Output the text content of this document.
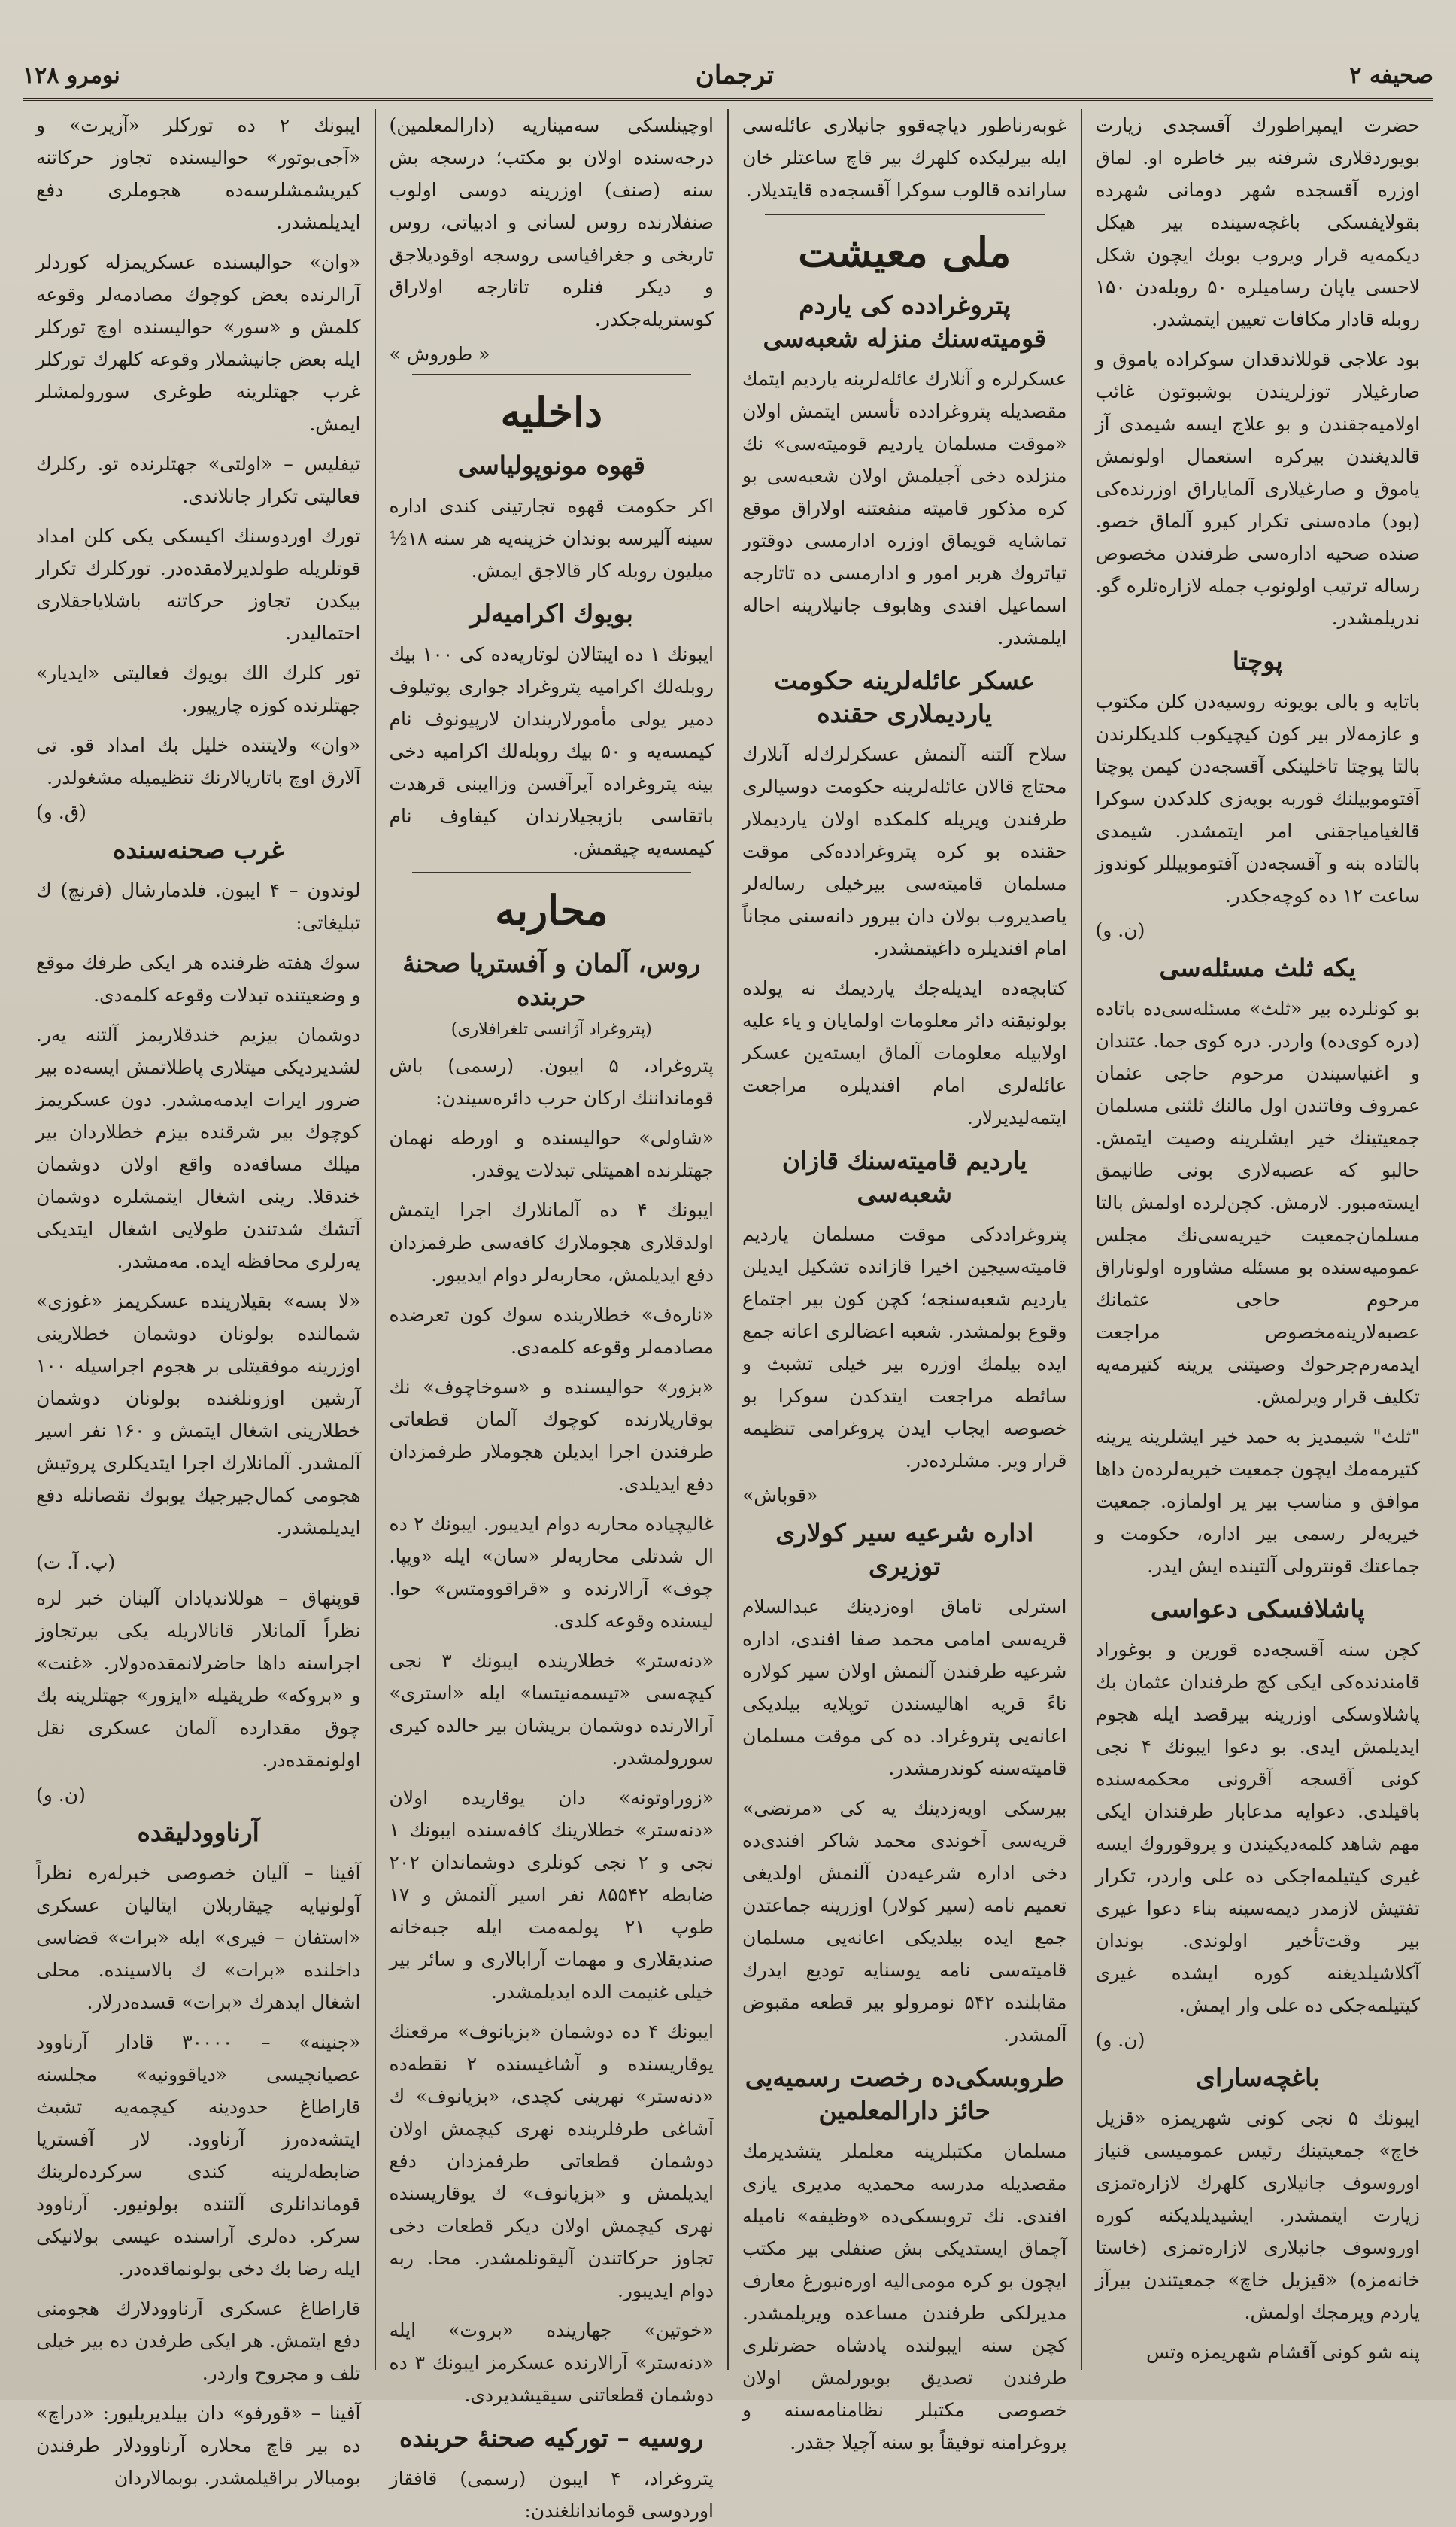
صحیفه ۲
ترجمان
نومرو ۱۲۸

حضرت ایمپراطورك آقسجدی زیارت بویوردقلاری شرفنه بیر خاطره او. لماق اوزره آقسجده شهر دومانی شهرده بقولایفسكی باغچه‌سینده بیر هیكل دیكمه‌یه قرار ویروب بوبك ایچون شكل لاحسی یاپان رسامیلره ۵۰ روبله‌دن ۱۵۰ روبله قادار مكافات تعیین ایتمشدر.

بود علاجی قوللاندقدان سوكراده یاموق و صارغیلار توزلریندن بوشبوتون غائب اولامیه‌جقندن و بو علاج ایسه شیمدی آز قالدیغندن بیركره استعمال اولونمش یاموق و صارغیلاری آلمایاراق اوزرنده‌كی (بود) ماده‌سنی تكرار كیرو آلماق خصو. صنده صحیه اداره‌سی طرفندن مخصوص رساله ترتیب اولونوب جمله لازاره‌تلره گو. ندریلمشدر.

پوچتا

باتایه و بالی بویونه روسیه‌دن كلن مكتوب و عازمه‌لار بیر كون كیچیكوب كلدیكلرندن بالتا پوچتا تاخلینكی آقسجه‌دن كیمن پوچتا آفتوموبیلنك قوربه بویه‌زی كلدكدن سوكرا قالغیامیاجقنی امر ایتمشدر. شیمدی بالتاده بنه و آقسجه‌دن آفتوموبیللر كوندوز ساعت ۱۲ ده كوچه‌جكدر.

(ن. و)

یكه ثلث مسئله‌سی

بو كونلرده بیر «ثلث» مسئله‌سی‌ده باتاده (دره كوی‌ده) واردر. دره كوی جما. عتندان و اغنیاسیندن مرحوم حاجی عثمان عمروف وفاتندن اول مالنك ثلثنی مسلمان جمعیتینك خیر ایشلرینه وصیت ایتمش. حالبو كه عصبه‌لاری بونی طانیمق ایسته‌مبور. لارمش. كچن‌لرده اولمش بالتا مسلمان‌جمعیت خیریه‌سی‌نك مجلس عمومیه‌سنده بو مسئله مشاوره اولوناراق مرحوم حاجی عثمانك عصبه‌لارینه‌مخصوص مراجعت ایدمه‌رم‌جرحوك وصیتنی یرینه كتیرمه‌یه تكلیف قرار ویرلمش.

"ثلث" شیمدیز به حمد خیر ایشلرینه یرینه كتیرمه‌مك ایچون جمعیت خیریه‌لرده‌ن داها موافق و مناسب بیر یر اولمازه. جمعیت خیریه‌لر رسمی بیر اداره، حكومت و جماعتك قونترولی آلتینده ایش ایدر.

پاشلافسكی دعواسی

كچن سنه آقسجه‌ده قورین و بوغوراد قامندنده‌كی ایكی كچ طرفندان عثمان بك پاشلاوسكی اوزرینه بیر‌قصد ایله هجوم ایدیلمش ایدی. بو دعوا ایبونك ۴ نجی كونی آقسجه آقرونی محكمه‌سنده باقیلدی. دعوایه مدعا‌بار طرفندان ایكی مهم شاهد كلمه‌دیكیندن و پروقوروك ایسه غیری كیتیلمه‌اجكی ده علی واردر، تكرار تفتیش لازمدر دیمه‌سینه بنا‌ء دعوا غیری بیر وقت‌تأخیر اولوندی. بوندان آكلاشیلدیغنه كوره ایشده غیری كیتیلمه‌جكی ده علی وار ایمش.

(ن. و)

باغچه‌سارای

ایبونك ۵ نجی كونی شهریمزه «قزیل خاچ» جمعیتینك رئیس عمومیسی قنیاز اوروسوف جانیلاری كلهرك لازاره‌تمزی زیارت ایتمشدر. ایشیدیلدیكنه كوره اوروسوف جانیلاری لازاره‌تمزی (خاستا خانه‌مزه) «قیزیل خاچ» جمعیتندن بیرآز یاردم ویرمجك اولمش.

پنه شو كونی آقشام شهریمزه وتس

غوبه‌رناطور دیاچه‌قوو جانیلاری عائله‌سی ایله بیرلیكده كلهرك بیر قاچ ساعتلر خان سارانده قالوب سوكرا آقسجه‌ده قایتدیلار.

ملی معیشت
پتروغرادده كی یاردم قومیته‌سنك منزله شعبه‌سی

عسكرلره و آنلارك عائله‌لرینه یاردیم ایتمك مقصدیله پتروغرادده تأسس ایتمش اولان «موقت مسلمان یاردیم قومیته‌سی» نك منزلده دخی آجیلمش اولان شعبه‌سی‌ بو كره مذكور قامیته منفعتنه اولاراق موقع تماشایه قویماق اوزره ادارمسی دوقتور تیاتروك هربر امور و ادارمسی ده تاتارجه اسماعیل افندی وهابوف جانیلارینه احاله ایلمشدر.

عسكر عائله‌لرینه حكومت یاردیملاری حقنده

سلاح آلتنه آلنمش عسكرلرك‌له آنلارك محتاج قالان عائله‌لرینه حكومت دوسیالری طرفندن ویریله كلمكده اولان یاردیملار حقنده بو كره پتروغرادده‌كی موقت مسلمان قامیته‌سی بیر‌خیلی رساله‌لر یاصدیروب بولان دان بیرور دانه‌سنی مجاناً امام افندیلره داغیتمشدر.

كتابچه‌ده ایدیله‌جك یاردیمك نه یولده بولونیقنه دائر معلومات اولمایان و یا‌ء علیه اولابیله معلومات آلماق ایسته‌ین عسكر عائله‌لری امام افندیلره مراجعت ایتمه‌لیدیرلار.

یاردیم قامیته‌سنك قازان شعبه‌سی

پتروغراددكی موقت مسلمان یاردیم قامیته‌سیجین اخیرا قازانده تشكیل ایدیلن یاردیم شعبه‌سنجه؛ كچن كون بیر اجتماع وقوع بولمشدر. شعبه اعضالری اعانه جمع ایده بیلمك اوزره بیر خیلی تشبث و سائطه مراجعت ایتدكدن سوكرا بو خصوصه ایجاب ایدن پروغرامی تنظیمه قرار ویر. مشلرده‌در.

«قوباش»

اداره شرعیه سیر كولاری توزیری

استرلی تاماق اوه‌زدینك عبدالسلام قریه‌سی امامی محمد صفا افندی، اداره شرعیه طرفندن آلنمش اولان سیر كولاره ناءً قریه اهالیسندن توپلایه بیلدیكی اعانه‌یی پتروغراد. ده كی موقت مسلمان قامیته‌سنه كوندرمشدر.

بیرسكی اویه‌زدینك یه‌ كی «مرتضی» قریه‌سی آخوندی محمد شاكر افندی‌ده دخی اداره شرعیه‌دن آلنمش اولدیغی تعمیم نامه (سیر كولار) اوزرینه جماعتدن جمع ایده بیلدیكی اعانه‌یی مسلمان قامیته‌سی نامه یوسنایه تودیع ایدرك مقابلنده ۵۴۲ نومرولو بیر قطعه مقبوض آلمشدر.

طروبسكی‌ده رخصت رسمیه‌یی حائز دارالمعلمین

مسلمان مكتبلرینه معلملر یتشدیرمك مقصدیله مدرسه محمدیه مدیری یازی افندی. نك تروبسكی‌ده «وظیفه» نامیله آچماق ایستدیكی بش صنفلی بیر مكتب ایچون بو كره مومی‌الیه اوره‌نبورغ معارف مدیرلكی طرفندن مساعده ویریلمشدر. كچن سنه ایبولنده پادشاه حضرتلری طرفندن تصدیق بویورلمش اولان خصوصی مكتبلر نظامنامه‌سنه و پروغرامنه توفیقاً بو سنه آچیلا جقدر.

اوچینلسكی سه‌میناریه (دارالمعلمین) درجه‌سنده اولان بو مكتب؛ درسجه بش سنه (صنف) اوزرینه دوسی اولوب صنفلارنده روس لسانی و ادبیاتی، روس تاریخی و جغرافیاسی روسجه اوقودیلاجق و دیكر فنلره تاتارجه اولاراق كوستریله‌جكدر.

« طوروش »

داخلیه
قهوه مونوپولیاسی

اكر حكومت قهوه تجارتینی كندی اداره سینه آلیرسه بوندان خزینه‌یه هر سنه ۱۸½ میلیون روبله كار قالاجق ایمش.

بویوك اكرامیه‌لر

ایبونك ۱ ده ایبتالان لوتاریه‌ده كی ۱۰۰ بیك روبله‌لك اكرامیه پتروغراد جواری پوتیلوف دمیر یولی مأمورلاریندان لارپیونوف نام كیمسه‌یه و ۵۰ بیك روبله‌لك اكرامیه دخی بینه پتروغراده آیرآفسن وزاایبنی قرهدت باتقاسی بازیجیلارندان كیفاوف نام كیمسه‌یه چیقمش.

محاربه
روس، آلمان و آفستریا صحنۀ حربنده
(پتروغراد آژانسی تلغرافلاری)

پتروغراد، ۵ ایبون. (رسمی) باش قومانداننك اركان حرب دائره‌سیندن:

«شاولی» حوالیسنده و اورطه نهمان جهتلرنده اهمیتلی تبدلات یوقدر.

ایبونك ۴ ده آلمانلارك اجرا ایتمش اولدقلاری هجوملارك كافه‌سی طرفمزدان دفع ایدیلمش، محاربه‌لر دوام ایدیبور.

«ناره‌ف» خطلارینده سوك كون تعرضده مصادمه‌لر وقوعه كلمه‌دی.

«بزور» حوالیسنده و «سوخاچوف» نك بوقاریلارنده كوچوك آلمان قطعاتی طرفندن اجرا ایدیلن هجوملار طرفمزدان دفع ایدیلدی.

غالیچیاده محاربه دوام ایدیبور. ایبونك ۲ ده ال شدتلی محاربه‌لر «سان» ایله «ویپا. چوف» آرالارنده و «قراقوومتس» حوا. لیسنده وقوعه كلدی.

«دنه‌ستر» خطلارینده ایبونك ۳ نجی كیچه‌سی «تیسمه‌نیتسا» ایله «استری» آرالارنده دوشمان بریشان بیر حالده كیری سورولمشدر.

«زورا‌وتونه» دان یوقاریده اولان «دنه‌ستر» خطلارینك كافه‌سنده ایبونك ۱ نجی و ۲ نجی كونلری دوشماندان ۲۰۲ ضابطه ۸۵۵۴۲ نفر اسیر آلنمش و ۱۷ طوپ ۲۱ پولمه‌مت ایله جبه‌خانه صندیقلاری و مهمات آرابالاری و سائر بیر خیلی غنیمت الده ایدیلمشدر.

ایبونك ۴ ده دوشمان «بزیانوف» مرقعنك یوقاریسنده و آشاغیسنده ۲ نقطه‌ده «دنه‌ستر» نهرینی كچدی، «بزیانوف» ك آشاغی طرفلرینده نهری كیچمش اولان دوشمان قطعاتی طرفمزدان دفع ایدیلمش و «بزیانوف» ك یوقاریسنده نهری كیچمش اولان دیكر قطعات دخی تجاوز حركاتندن آلیقونلمشدر. محا. ربه دوام ایدیبور.

«خوتین» جهارینده «بروت» ایله «دنه‌ستر» آرالارنده عسكرمز ایبونك ۳ ده دوشمان قطعاتنی سیقیشدیردی.

روسیه – توركیه صحنۀ حربنده

پتروغراد، ۴ ایبون (رسمی) قافقاز اوردوسی قوماندانلغندن:

ایبونك ۲ ده توركلر «آزیرت» و «آجی‌بوتور» حوالیسنده تجاوز حركاتنه كیریشمشلرسه‌ده هجوملری دفع ایدیلمشدر.

«وان» حوالیسنده عسكریمزله كوردلر آرالرنده بعض كوچوك مصادمه‌لر وقوعه كلمش و «سور» حوالیسنده اوچ توركلر ایله بعض جانیشملار وقوعه كلهرك توركلر غرب جهتلرینه طوغری سورولمشلر ایمش.

تیفلیس – «اولتی» جهتلرنده تو. ركلرك فعالیتی تكرار جانلاندی.

تورك اوردوسنك اكیسكی یكی كلن امداد قوتلریله طولدیرلامقده‌در. توركلرك تكرار بیكدن تجاوز حركاتنه باشلایاجقلاری احتمالیدر.

تور كلرك الك بویوك فعالیتی «ایدیار» جهتلرنده كوزه چارپیور.

«وان» ولایتنده خلیل بك امداد قو. تی آلارق اوچ باتاریا‌لارنك تنظیمیله مشغولدر.

(ق. و)

غرب صحنه‌سنده

لوندون – ۴ ایبون. فلدمارشال (فرنچ) ك تبلیغاتی:

سوك هفته ظرفنده هر ایكی طرفك موقع و وضعیتنده تبدلات وقوعه كلمه‌دی.

دوشمان بیزیم خندقلاریمز آلتنه یه‌ر. لشدیردیكی میتلاری پاطلاتمش ایسه‌ده بیر ضرور ایرات ایدمه‌مشدر. دون عسكریمز كوچوك بیر شرقنده بیزم خطلاردان بیر میلك مسافه‌ده واقع اولان دوشمان خندقلا. رینی اشغال ایتمشلره دوشمان آتشك شدتندن طولایی اشغال ایتدیكی یه‌رلری محافظه ایده. مه‌مشدر.

«لا بسه» بقیلارینده عسكریمز «غوزی» شمالنده بولونان دوشمان خطلارینی اوزرینه موفقیتلی بر هجوم اجراسیله ۱۰۰ آرشین اوزونلغنده بولونان دوشمان خطلارینی اشغال ایتمش و ۱۶۰ نفر اسیر آلمشدر. آلمانلارك اجرا ایتدیكلری پروتیش هجومی كمال‌جیرجیك یوبوك نقصانله دفع ایدیلمشدر.

(پ. آ. ت)

قوپنهاق – هوللاندیادان آلینان خبر لره نظراً آلمانلار قانالاریله یكی بیرتجاوز اجراسنه داها حاضرلانمقده‌دولار. «غنت» و «بروكه» طریقیله «ایزور» جهتلرینه بك چوق مقدارده آلمان عسكری نقل اولونمقده‌در.

(ن. و)

آرناوودلیقده

آفینا – آلیان خصوصی خبرله‌ره نظراً آولونیایه چیقاربلان ایتالیان عسكری «استفان – فیری» ایله «برات» قضاسی داخلنده «برات» ك بالاسینده. محلی اشغال ایدهرك «برات» قسده‌درلار.

«جنینه» – ۳۰۰۰۰ قادار آرناوود عصیانچیسی «دیاقوونیه» مجلسنه قاراطاغ حدودینه كیچمه‌یه تشبث ایتشه‌ده‌رز آرناوود. لار آفستریا ضابطه‌لرینه كندی سركرده‌لرینك قوماندانلری آلتنده بولونیور. آرناوود سركر. ده‌لری آراسنده عیسی بولانیكی ایله رضا بك دخی بولونماقده‌در.

قاراطاغ عسكری آرناوودلارك هجومنی دفع ایتمش. هر ایكی طرفدن ده بیر خیلی تلف و مجروح واردر.

آفینا – «قورفو» دان بیلدیریلیور: «دراچ» ده بیر قاچ محلاره آرناوودلار طرفندن بومبالار براقیلمشدر. بوبمالاردان
